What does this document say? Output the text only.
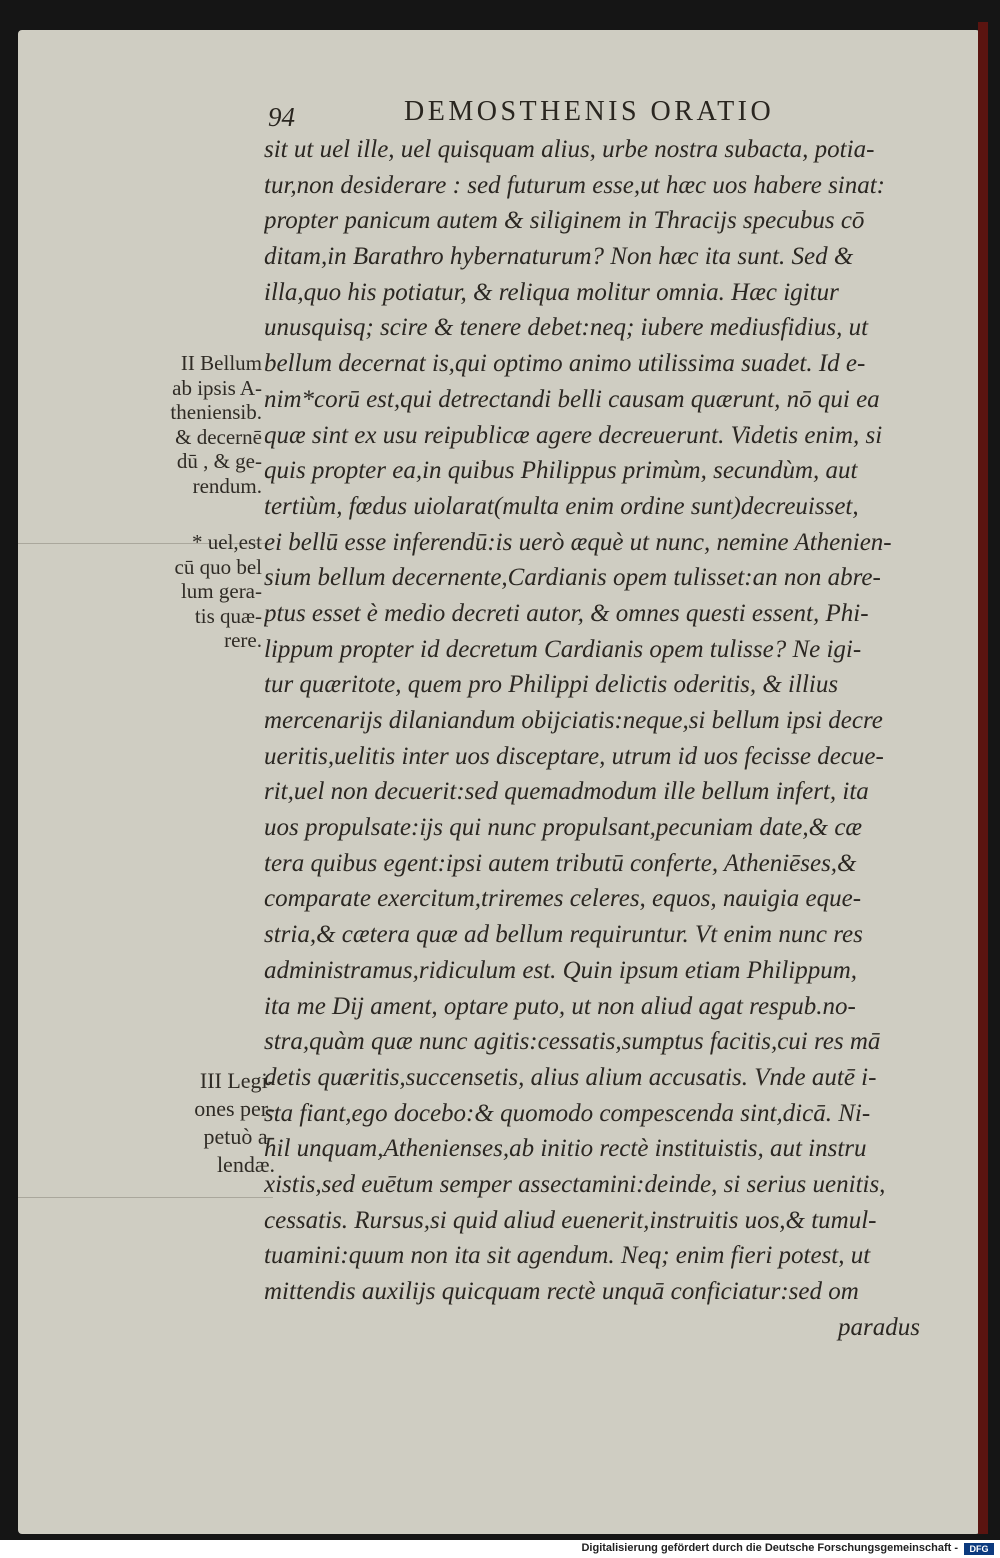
94	DEMOSTHENIS ORATIO
sit ut uel ille, uel quisquam alius, urbe nostra subacta, potia-
tur,non desiderare : sed futurum esse,ut hæc uos habere sinat:
propter panicum autem & siliginem in Thracijs specubus cō
ditam,in Barathro hybernaturum? Non hæc ita sunt. Sed &
illa,quo his potiatur, & reliqua molitur omnia. Hæc igitur
unusquisq; scire & tenere debet:neq; iubere mediusfidius, ut
bellum decernat is,qui optimo animo utilissima suadet. Id e-
nim*corū est,qui detrectandi belli causam quærunt, nō qui ea
quæ sint ex usu reipublicæ agere decreuerunt. Videtis enim, si
quis propter ea,in quibus Philippus primùm, secundùm, aut
tertiùm, fœdus uiolarat(multa enim ordine sunt)decreuisset,
ei bellū esse inferendū:is uerò æquè ut nunc, nemine Athenien-
sium bellum decernente,Cardianis opem tulisset:an non abre-
ptus esset è medio decreti autor, & omnes questi essent, Phi-
lippum propter id decretum Cardianis opem tulisse? Ne igi-
tur quæritote, quem pro Philippi delictis oderitis, & illius
mercenarijs dilaniandum obijciatis:neque,si bellum ipsi decre
ueritis,uelitis inter uos disceptare, utrum id uos fecisse decue-
rit,uel non decuerit:sed quemadmodum ille bellum infert, ita
uos propulsate:ijs qui nunc propulsant,pecuniam date,& cæ
tera quibus egent:ipsi autem tributū conferte, Atheniēses,&
comparate exercitum,triremes celeres, equos, nauigia eque-
stria,& cætera quæ ad bellum requiruntur. Vt enim nunc res
administramus,ridiculum est. Quin ipsum etiam Philippum,
ita me Dij ament, optare puto, ut non aliud agat respub.no-
stra,quàm quæ nunc agitis:cessatis,sumptus facitis,cui res mā
detis quæritis,succensetis, alius alium accusatis. Vnde autē i-
sta fiant,ego docebo:& quomodo compescenda sint,dicā. Ni-
hil unquam,Athenienses,ab initio rectè instituistis, aut instru
xistis,sed euētum semper assectamini:deinde, si serius uenitis,
cessatis. Rursus,si quid aliud euenerit,instruitis uos,& tumul-
tuamini:quum non ita sit agendum. Neq; enim fieri potest, ut
mittendis auxilijs quicquam rectè unquā conficiatur:sed om
paradus
II Bellum
ab ipsis A-
theniensib.
& decernē
dū , & ge-
rendum.
* uel,est
cū quo bel
lum gera-
tis quæ-
rere.
III Legi-
ones per-
petuò a-
lendæ.
Digitalisierung gefördert durch die Deutsche Forschungsgemeinschaft -	DFG
